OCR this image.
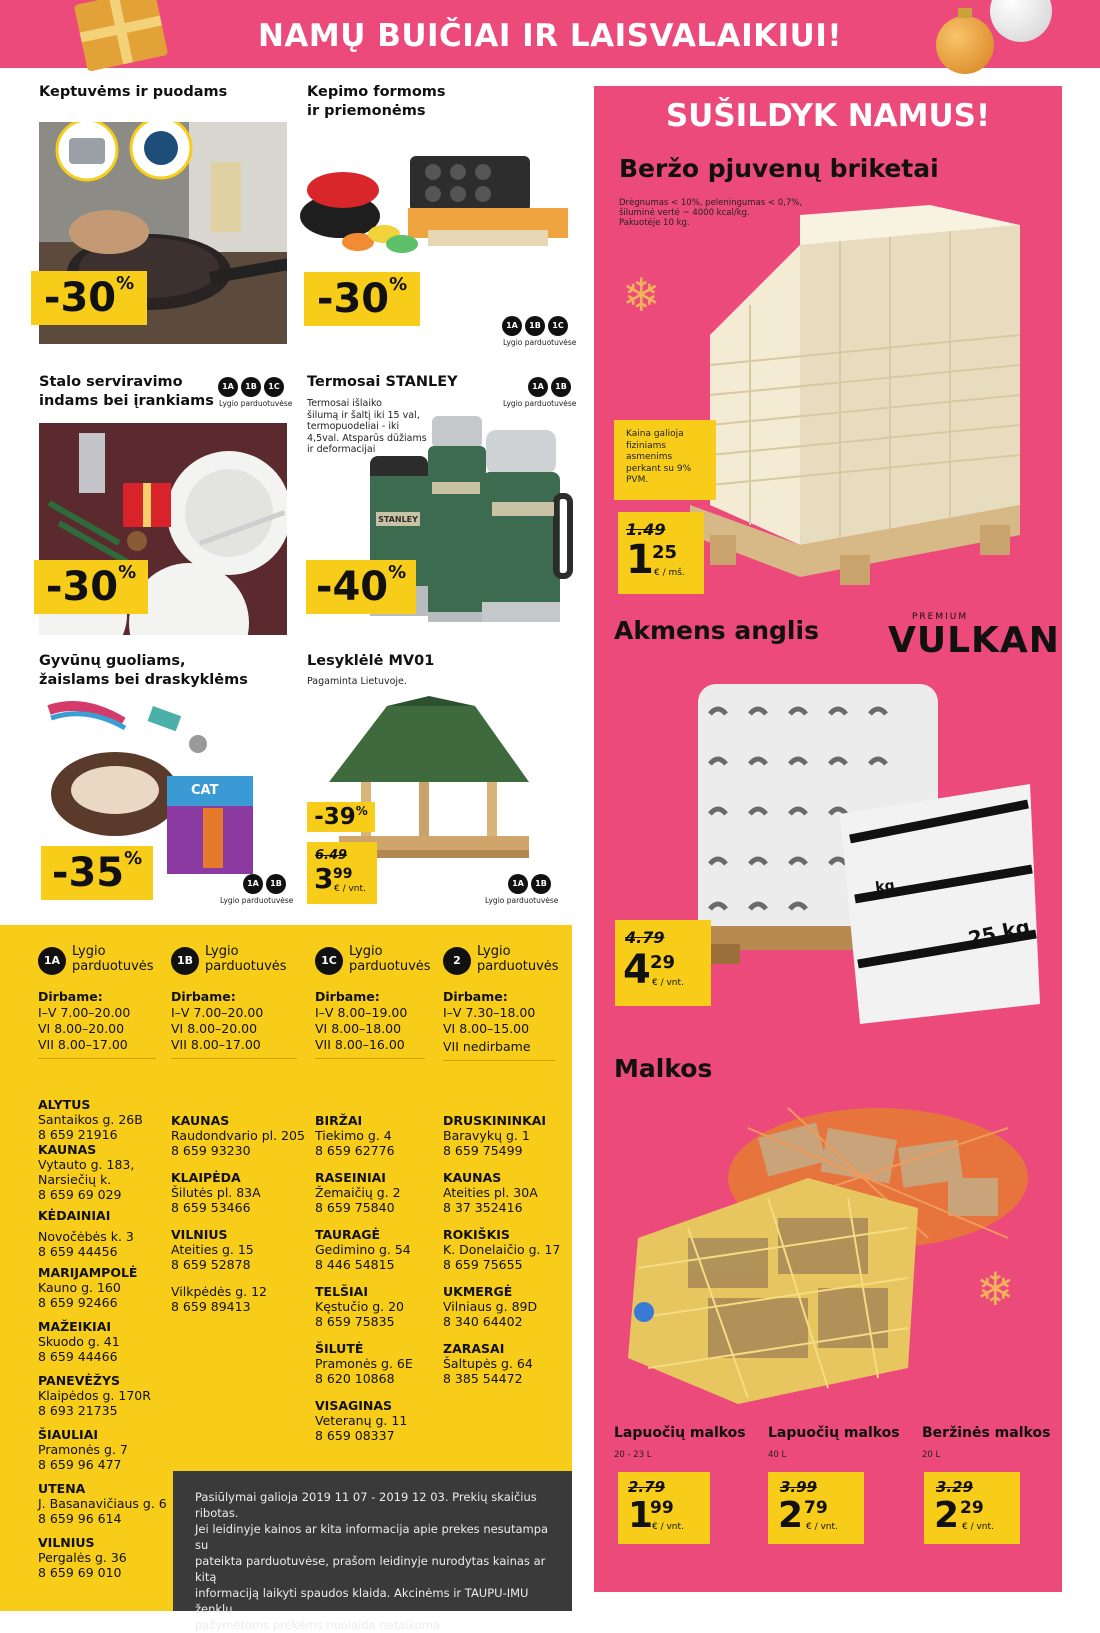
NAMŲ BUIČIAI IR LAISVALAIKIUI!
Keptuvėms ir puodams
-30%
Kepimo formoms
ir priemonėms
-30%
1A	1B	1C
Lygio parduotuvėse
Stalo serviravimo
indams bei įrankiams
1A	1B	1C
Lygio parduotuvėse
-30%
Termosai STANLEY
Termosai išlaiko
šilumą ir šaltį iki 15 val,
termopuodeliai - iki
4,5val. Atsparūs dūžiams
ir deformacijai
1A	1B
Lygio parduotuvėse
STANLEY
-40%
Gyvūnų guoliams,
žaislams bei draskyklėms
CAT
-35%
1A	1B
Lygio parduotuvėse
Lesyklėlė MV01
Pagaminta Lietuvoje.
-39%
6.49
3 99
€ / vnt.
1A	1B
Lygio parduotuvėse
1A
Lygio
parduotuvės
Dirbame:
I–V 7.00–20.00
VI 8.00–20.00
VII 8.00–17.00
ALYTUS
Santaikos g. 26B
8 659 21916
KAUNAS
Vytauto g. 183,
Narsiečių k.
8 659 69 029
KĖDAINIAI
Novočėbės k. 3
8 659 44456
MARIJAMPOLĖ
Kauno g. 160
8 659 92466
MAŽEIKIAI
Skuodo g. 41
8 659 44466
PANEVĖŽYS
Klaipėdos g. 170R
8 693 21735
ŠIAULIAI
Pramonės g. 7
8 659 96 477
UTENA
J. Basanavičiaus g. 6
8 659 96 614
VILNIUS
Pergalės g. 36
8 659 69 010
1B
Lygio
parduotuvės
Dirbame:
I–V 7.00–20.00
VI 8.00–20.00
VII 8.00–17.00
KAUNAS
Raudondvario pl. 205
8 659 93230
KLAIPĖDA
Šilutės pl. 83A
8 659 53466
VILNIUS
Ateities g. 15
8 659 52878
Vilkpėdės g. 12
8 659 89413
1C
Lygio
parduotuvės
Dirbame:
I–V 8.00–19.00
VI 8.00–18.00
VII 8.00–16.00
BIRŽAI
Tiekimo g. 4
8 659 62776
RASEINIAI
Žemaičių g. 2
8 659 75840
TAURAGĖ
Gedimino g. 54
8 446 54815
TELŠIAI
Kęstučio g. 20
8 659 75835
ŠILUTĖ
Pramonės g. 6E
8 620 10868
VISAGINAS
Veteranų g. 11
8 659 08337
2
Lygio
parduotuvės
Dirbame:
I–V 7.30–18.00
VI 8.00–15.00
VII nedirbame
DRUSKININKAI
Baravykų g. 1
8 659 75499
KAUNAS
Ateities pl. 30A
8 37 352416
ROKIŠKIS
K. Donelaičio g. 17
8 659 75655
UKMERGĖ
Vilniaus g. 89D
8 340 64402
ZARASAI
Šaltupės g. 64
8 385 54472
Pasiūlymai galioja 2019 11 07 - 2019 12 03. Prekių skaičius ribotas.
Jei leidinyje kainos ar kita informacija apie prekes nesutampa su
pateikta parduotuvėse, prašom leidinyje nurodytas kainas ar kitą
informaciją laikyti spaudos klaida. Akcinėms ir TAUPU-IMU ženklu
pažymėtoms prekėms nuolaida netaikoma.
SUŠILDYK NAMUS!
Beržo pjuvenų briketai
Drėgnumas < 10%, peleningumas < 0,7%,
šiluminė vertė ~ 4000 kcal/kg.
Pakuotėje 10 kg.
❄
Kaina galioja
fiziniams
asmenims
perkant su 9%
PVM.
1.49
1
25
€ / mš.
Akmens anglis	PREMIUM
VULKAN
25 kg
kg
4.79
4 29
€ / vnt.
Malkos
❄
Lapuočių malkos
20 - 23 L
2.79
1
99
€ / vnt.
Lapuočių malkos
40 L
3.99
2 79
€ / vnt.
Beržinės malkos
20 L
3.29
2 29
€ / vnt.
